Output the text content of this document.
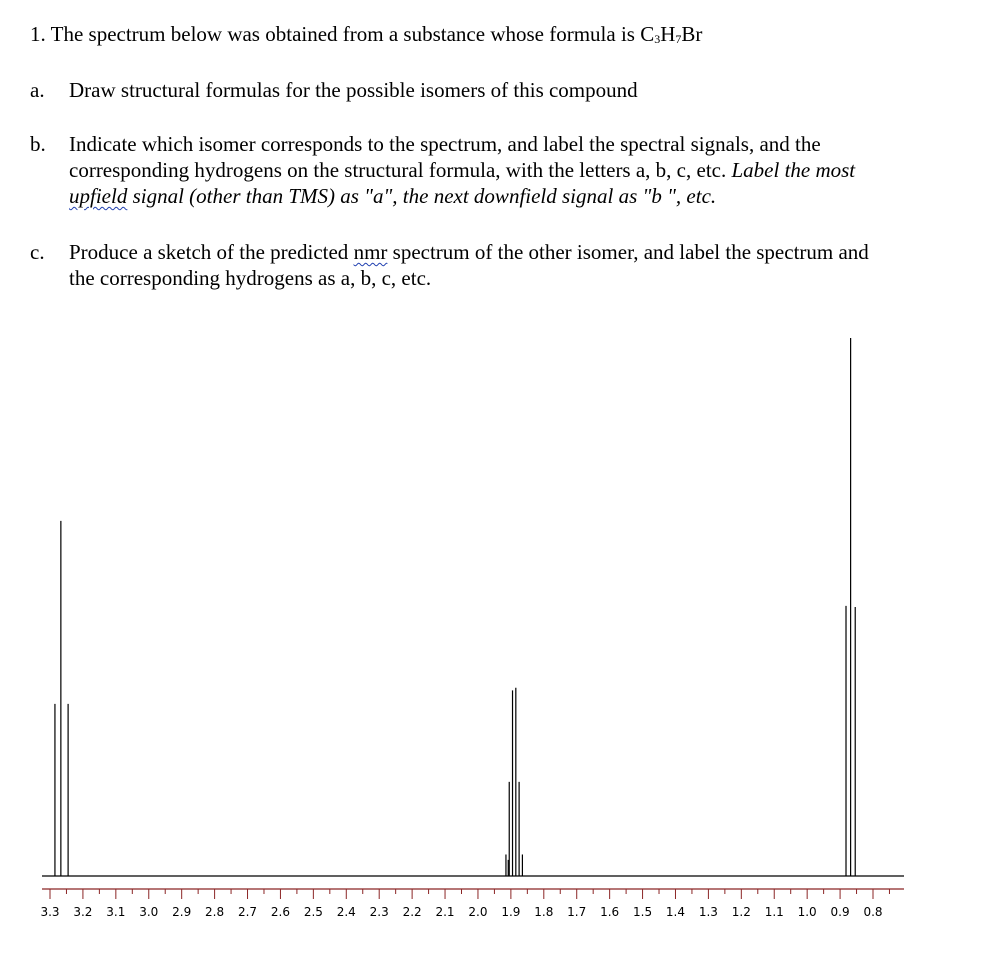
1. The spectrum below was obtained from a substance whose formula is $C_3H_7Br$
a. Draw structural formulas for the possible isomers of this compound
b. Indicate which isomer corresponds to the spectrum, and label the spectral signals, and the
corresponding hydrogens on the structural formula, with the letters a, b, c, etc. Label the most
upfield signal (other than TMS) as "a", the next downfield signal as "b ", etc.
c. Produce a sketch of the predicted nmr spectrum of the other isomer, and label the spectrum and
the corresponding hydrogens as a, b, c, etc.
3.3 3.2 3.1 3.0 2.9 2.8 2.7 2.6 2.5 2.4 2.3 2.2 2.1 2.0 1.9 1.8 1.7 1.6 1.5 1.4 1.3 1.2 1.1 1.0 0.9 0.8
